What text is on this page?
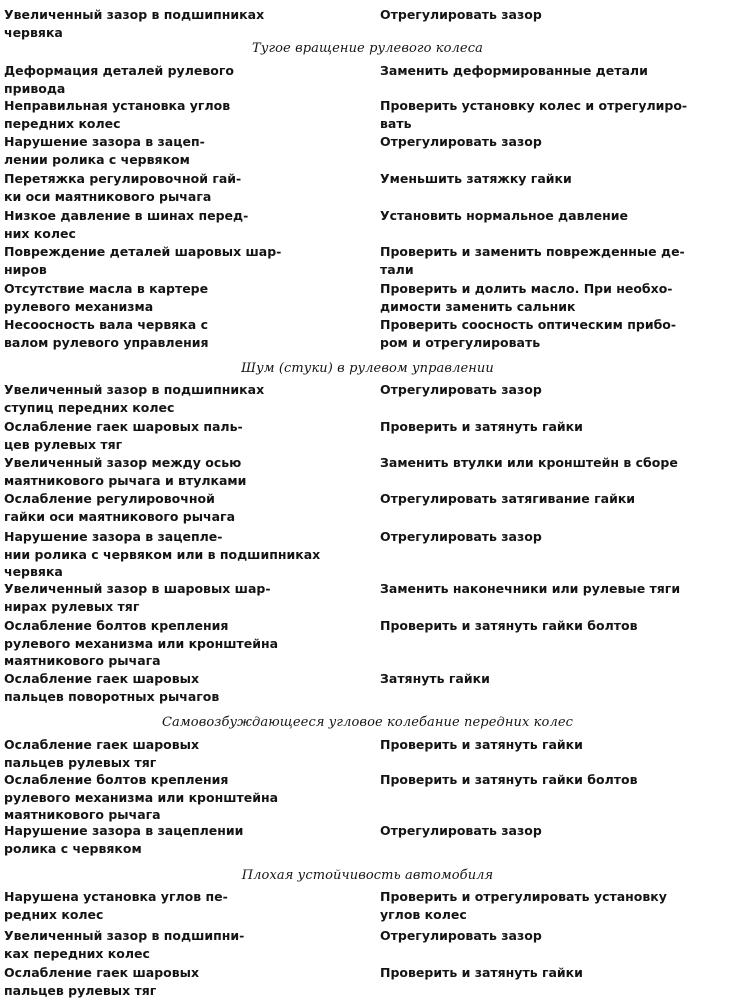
Увеличенный зазор в подшипниках
червяка
Отрегулировать зазор
Тугое вращение рулевого колеса
Деформация деталей рулевого
привода
Заменить деформированные детали
Неправильная установка углов
передних колес
Проверить установку колес и отрегулиро-
вать
Нарушение зазора в зацеп-
лении ролика с червяком
Отрегулировать зазор
Перетяжка регулировочной гай-
ки оси маятникового рычага
Уменьшить затяжку гайки
Низкое давление в шинах перед-
них колес
Установить нормальное давление
Повреждение деталей шаровых шар-
ниров
Проверить и заменить поврежденные де-
тали
Отсутствие масла в картере
рулевого механизма
Проверить и долить масло. При необхо-
димости заменить сальник
Несоосность вала червяка с
валом рулевого управления
Проверить соосность оптическим прибо-
ром и отрегулировать
Шум (стуки) в рулевом управлении
Увеличенный зазор в подшипниках
ступиц передних колес
Отрегулировать зазор
Ослабление гаек шаровых паль-
цев рулевых тяг
Проверить и затянуть гайки
Увеличенный зазор между осью
маятникового рычага и втулками
Заменить втулки или кронштейн в сборе
Ослабление регулировочной
гайки оси маятникового рычага
Отрегулировать затягивание гайки
Нарушение зазора в зацепле-
нии ролика с червяком или в подшипниках
червяка
Отрегулировать зазор
Увеличенный зазор в шаровых шар-
нирах рулевых тяг
Заменить наконечники или рулевые тяги
Ослабление болтов крепления
рулевого механизма или кронштейна
маятникового рычага
Проверить и затянуть гайки болтов
Ослабление гаек шаровых
пальцев поворотных рычагов
Затянуть гайки
Самовозбуждающееся угловое колебание передних колес
Ослабление гаек шаровых
пальцев рулевых тяг
Проверить и затянуть гайки
Ослабление болтов крепления
рулевого механизма или кронштейна
маятникового рычага
Проверить и затянуть гайки болтов
Нарушение зазора в зацеплении
ролика с червяком
Отрегулировать зазор
Плохая устойчивость автомобиля
Нарушена установка углов пе-
редних колес
Проверить и отрегулировать установку
углов колес
Увеличенный зазор в подшипни-
ках передних колес
Отрегулировать зазор
Ослабление гаек шаровых
пальцев рулевых тяг
Проверить и затянуть гайки
